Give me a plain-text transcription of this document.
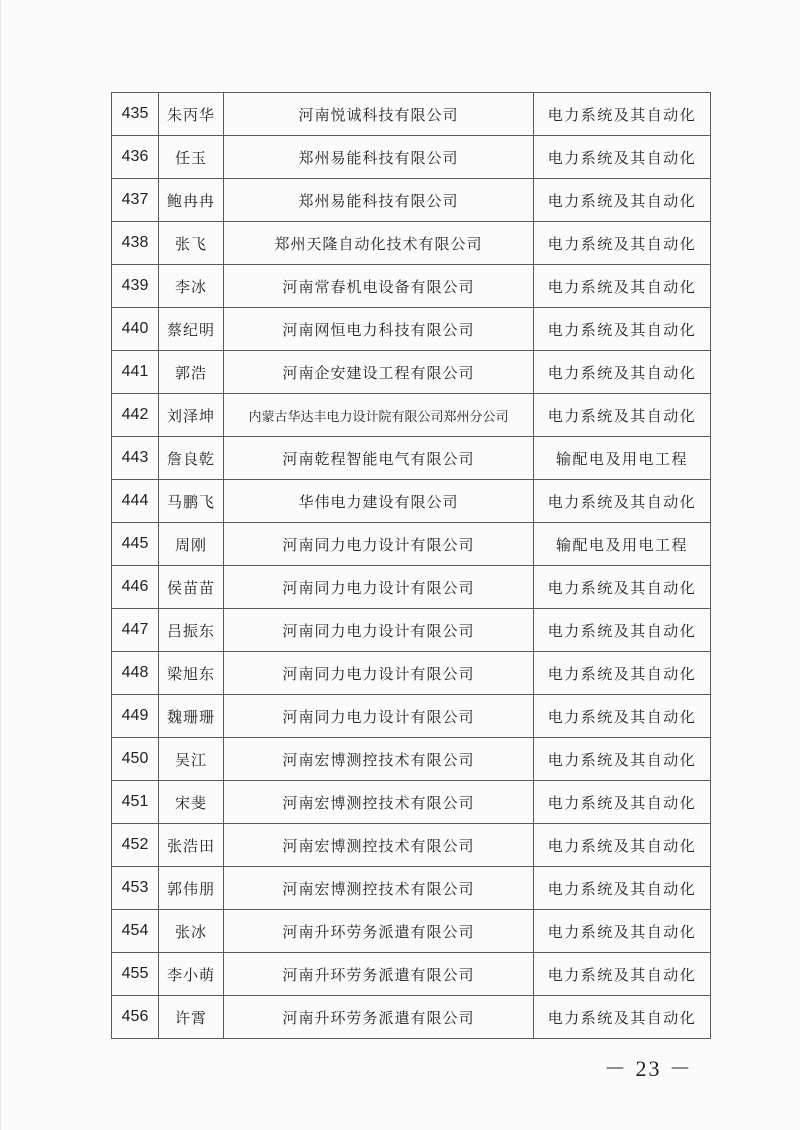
435	朱丙华	河南悦诚科技有限公司	电力系统及其自动化
436	任玉	郑州易能科技有限公司	电力系统及其自动化
437	鲍冉冉	郑州易能科技有限公司	电力系统及其自动化
438	张飞	郑州天隆自动化技术有限公司	电力系统及其自动化
439	李冰	河南常春机电设备有限公司	电力系统及其自动化
440	蔡纪明	河南网恒电力科技有限公司	电力系统及其自动化
441	郭浩	河南企安建设工程有限公司	电力系统及其自动化
442	刘泽坤	内蒙古华达丰电力设计院有限公司郑州分公司	电力系统及其自动化
443	詹良乾	河南乾程智能电气有限公司	输配电及用电工程
444	马鹏飞	华伟电力建设有限公司	电力系统及其自动化
445	周刚	河南同力电力设计有限公司	输配电及用电工程
446	侯苗苗	河南同力电力设计有限公司	电力系统及其自动化
447	吕振东	河南同力电力设计有限公司	电力系统及其自动化
448	梁旭东	河南同力电力设计有限公司	电力系统及其自动化
449	魏珊珊	河南同力电力设计有限公司	电力系统及其自动化
450	吴江	河南宏博测控技术有限公司	电力系统及其自动化
451	宋斐	河南宏博测控技术有限公司	电力系统及其自动化
452	张浩田	河南宏博测控技术有限公司	电力系统及其自动化
453	郭伟朋	河南宏博测控技术有限公司	电力系统及其自动化
454	张冰	河南升环劳务派遣有限公司	电力系统及其自动化
455	李小萌	河南升环劳务派遣有限公司	电力系统及其自动化
456	许霄	河南升环劳务派遣有限公司	电力系统及其自动化
－ 23 －
